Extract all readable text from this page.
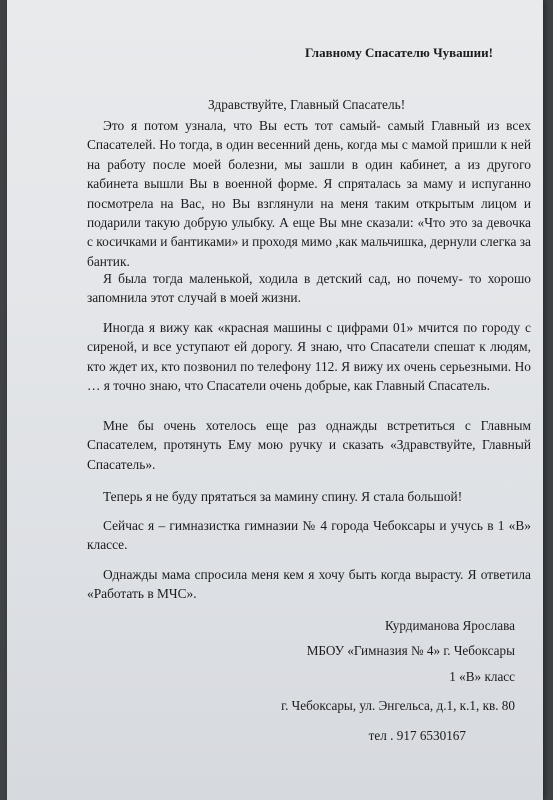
Главному Спасателю Чувашии!
Здравствуйте, Главный Спасатель!

Это я потом узнала, что Вы есть тот самый- самый Главный из всех Спасателей. Но тогда, в один весенний день, когда мы с мамой пришли к ней на работу после моей болезни, мы зашли в один кабинет, а из другого кабинета вышли Вы в военной форме. Я спряталась за маму и испуганно посмотрела на Вас, но Вы взглянули на меня таким открытым лицом и подарили такую добрую улыбку. А еще Вы мне сказали: «Что это за девочка с косичками и бантиками» и проходя мимо ,как мальчишка, дернули слегка за бантик.

Я была тогда маленькой, ходила в детский сад, но почему- то хорошо запомнила этот случай в моей жизни.

Иногда я вижу как «красная машины с цифрами 01» мчится по городу с сиреной, и все уступают ей дорогу. Я знаю, что Спасатели спешат к людям, кто ждет их, кто позвонил по телефону 112. Я вижу их очень серьезными. Но … я точно знаю, что Спасатели очень добрые, как Главный Спасатель.

Мне бы очень хотелось еще раз однажды встретиться с Главным Спасателем, протянуть Ему мою ручку и сказать «Здравствуйте, Главный Спасатель».

Теперь я не буду прятаться за мамину спину. Я стала большой!

Сейчас я – гимназистка гимназии № 4 города Чебоксары и учусь в 1 «В» классе.

Однажды мама спросила меня кем я хочу быть когда вырасту. Я ответила «Работать в МЧС».

Курдиманова Ярослава
МБОУ «Гимназия № 4» г. Чебоксары
1 «В» класс
г. Чебоксары, ул. Энгельса, д.1, к.1, кв. 80
тел . 917 6530167
